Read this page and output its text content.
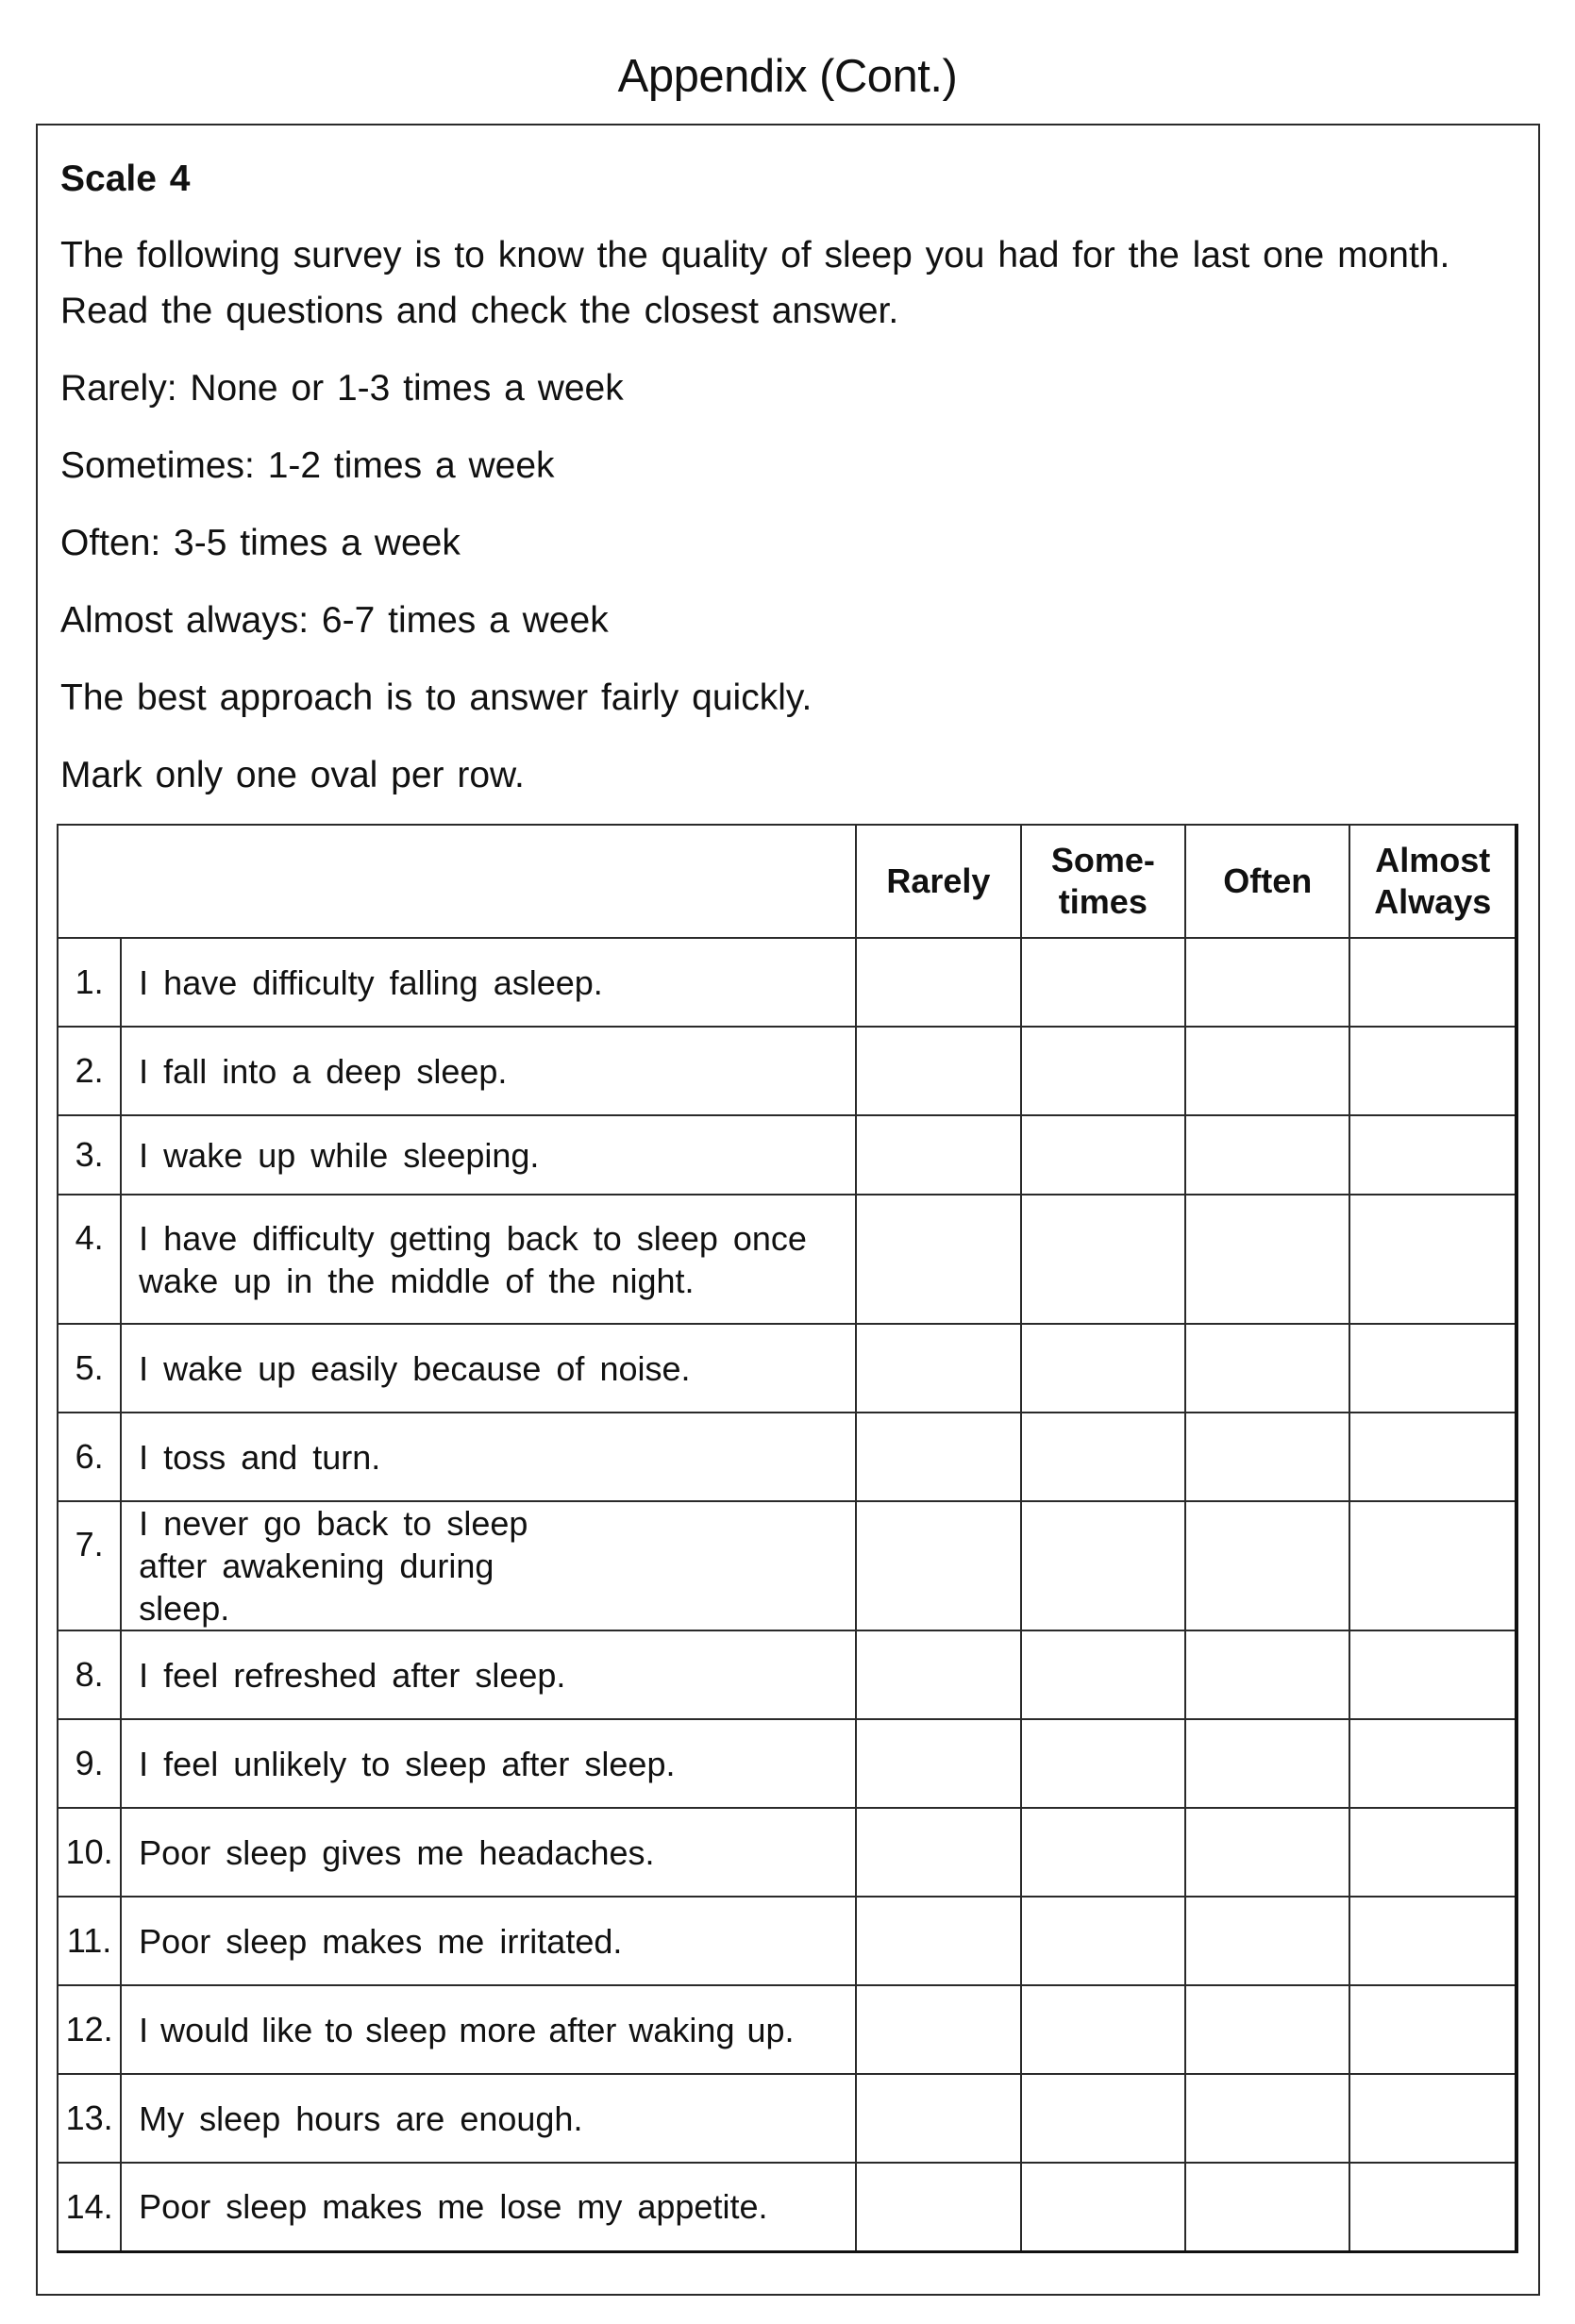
Appendix (Cont.)

Scale 4

The following survey is to know the quality of sleep you had for the last one month. Read the questions and check the closest answer.

Rarely: None or 1-3 times a week

Sometimes: 1-2 times a week

Often: 3-5 times a week

Almost always: 6-7 times a week

The best approach is to answer fairly quickly.

Mark only one oval per row.

		Rarely	Some- times	Often	Almost Always
1.	I have difficulty falling asleep.				
2.	I fall into a deep sleep.				
3.	I wake up while sleeping.				
4.	I have difficulty getting back to sleep once wake up in the middle of the night.				
5.	I wake up easily because of noise.				
6.	I toss and turn.				
7.	I never go back to sleep after awakening during sleep.				
8.	I feel refreshed after sleep.				
9.	I feel unlikely to sleep after sleep.				
10.	Poor sleep gives me headaches.				
11.	Poor sleep makes me irritated.				
12.	I would like to sleep more after waking up.				
13.	My sleep hours are enough.				
14.	Poor sleep makes me lose my appetite.				
